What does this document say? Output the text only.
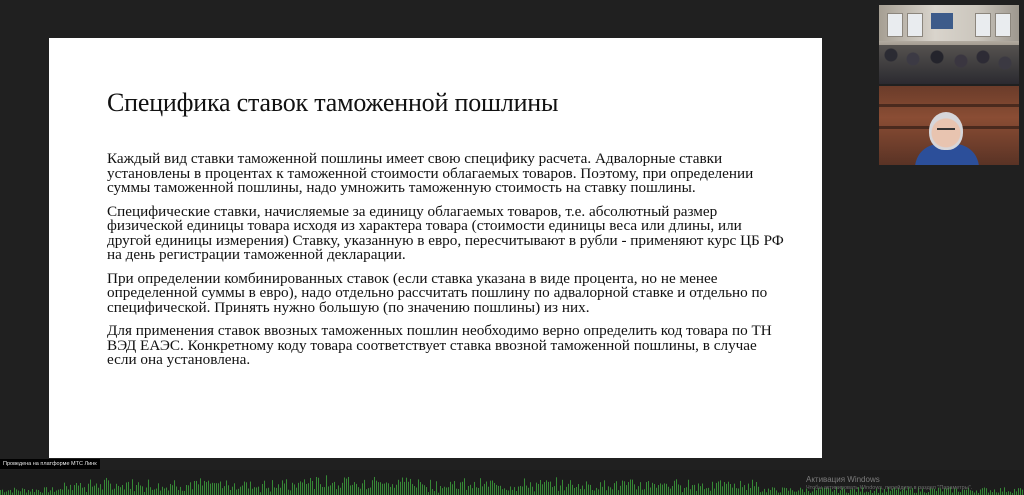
Специфика ставок таможенной пошлины

Каждый вид ставки таможенной пошлины имеет свою специфику расчета. Адвалорные ставки установлены в процентах к таможенной стоимости облагаемых товаров. Поэтому, при определении суммы таможенной пошлины, надо умножить таможенную стоимость на ставку пошлины.

Специфические ставки, начисляемые за единицу облагаемых товаров, т.е. абсолютный размер физической единицы товара исходя из характера товара (стоимости единицы веса или длины, или другой единицы измерения) Ставку, указанную в евро, пересчитывают в рубли - применяют курс ЦБ РФ на день регистрации таможенной декларации.

При определении комбинированных ставок (если ставка указана в виде процента, но не менее определенной суммы в евро), надо отдельно рассчитать пошлину по адвалорной ставке и отдельно по специфической. Принять нужно большую (по значению пошлины) из них.

Для применения ставок ввозных таможенных пошлин необходимо верно определить код товара по ТН ВЭД ЕАЭС. Конкретному коду товара соответствует ставка ввозной таможенной пошлины, в случае если она установлена.

Проведена на платформе МТС Линк
Активация Windows
Чтобы активировать Windows, перейдите в раздел "Параметры".
